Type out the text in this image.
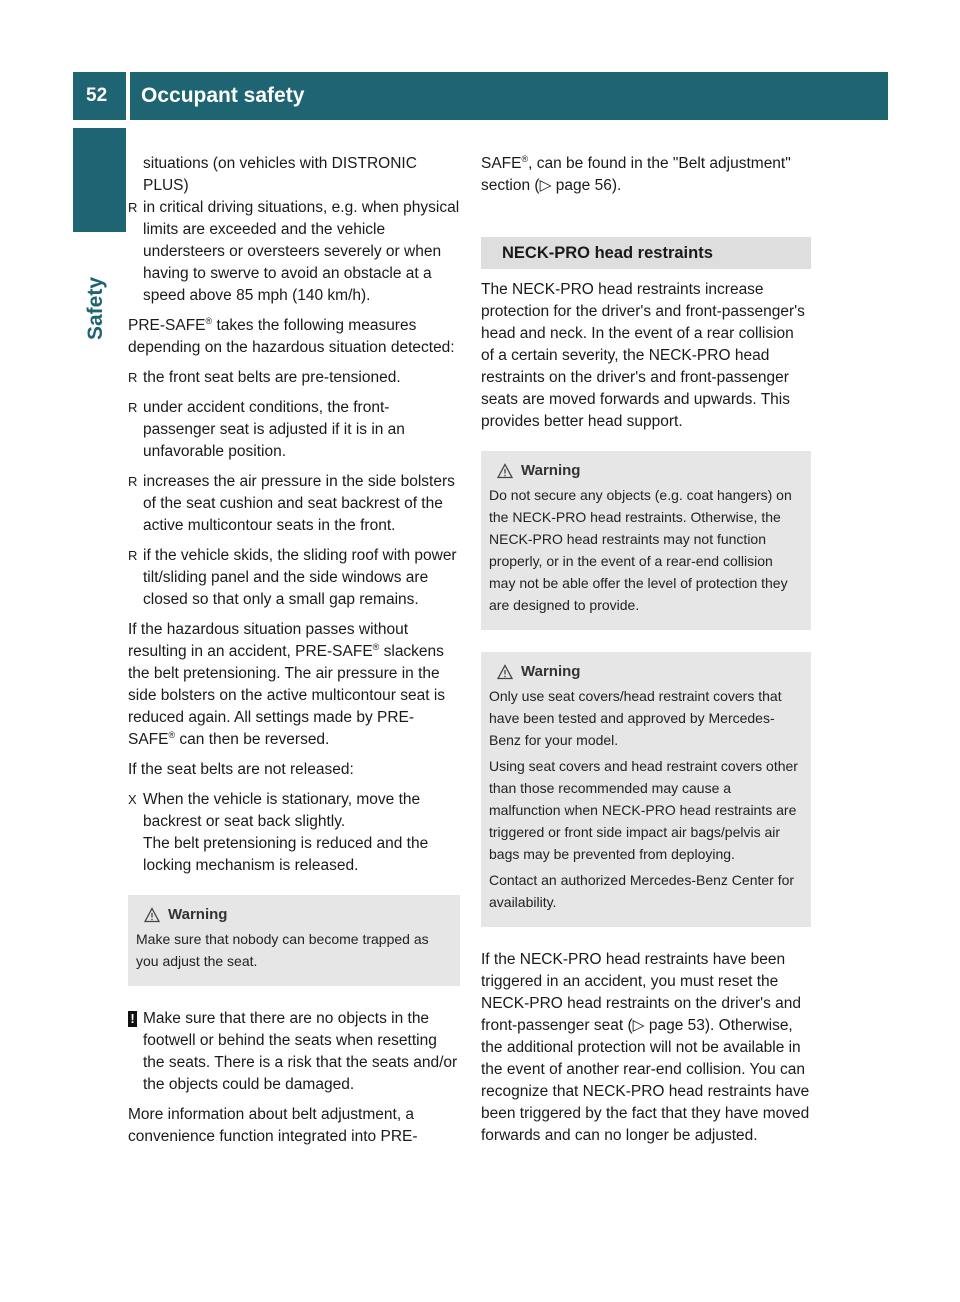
52	Occupant safety
Safety
situations (on vehicles with DISTRONIC
PLUS)
R in critical driving situations, e.g. when physical limits are exceeded and the vehicle understeers or oversteers severely or when having to swerve to avoid an obstacle at a speed above 85 mph (140 km/h).

PRE-SAFE® takes the following measures depending on the hazardous situation detected:

R the front seat belts are pre-tensioned.
R under accident conditions, the front-passenger seat is adjusted if it is in an unfavorable position.
R increases the air pressure in the side bolsters of the seat cushion and seat backrest of the active multicontour seats in the front.
R if the vehicle skids, the sliding roof with power tilt/sliding panel and the side windows are closed so that only a small gap remains.

If the hazardous situation passes without resulting in an accident, PRE-SAFE® slackens the belt pretensioning. The air pressure in the side bolsters on the active multicontour seat is reduced again. All settings made by PRE-SAFE® can then be reversed.

If the seat belts are not released:

X When the vehicle is stationary, move the backrest or seat back slightly.
The belt pretensioning is reduced and the locking mechanism is released.
Warning

Make sure that nobody can become trapped as you adjust the seat.

! Make sure that there are no objects in the footwell or behind the seats when resetting the seats. There is a risk that the seats and/or the objects could be damaged.

More information about belt adjustment, a convenience function integrated into PRE-

SAFE®, can be found in the "Belt adjustment" section (▷ page 56).

NECK-PRO head restraints

The NECK-PRO head restraints increase protection for the driver's and front-passenger's head and neck. In the event of a rear collision of a certain severity, the NECK-PRO head restraints on the driver's and front-passenger seats are moved forwards and upwards. This provides better head support.

Warning

Do not secure any objects (e.g. coat hangers) on the NECK-PRO head restraints. Otherwise, the NECK-PRO head restraints may not function properly, or in the event of a rear-end collision may not be able offer the level of protection they are designed to provide.

Warning

Only use seat covers/head restraint covers that have been tested and approved by Mercedes-Benz for your model.

Using seat covers and head restraint covers other than those recommended may cause a malfunction when NECK-PRO head restraints are triggered or front side impact air bags/pelvis air bags may be prevented from deploying.

Contact an authorized Mercedes-Benz Center for availability.

If the NECK-PRO head restraints have been triggered in an accident, you must reset the NECK-PRO head restraints on the driver's and front-passenger seat (▷ page 53). Otherwise, the additional protection will not be available in the event of another rear-end collision. You can recognize that NECK-PRO head restraints have been triggered by the fact that they have moved forwards and can no longer be adjusted.
